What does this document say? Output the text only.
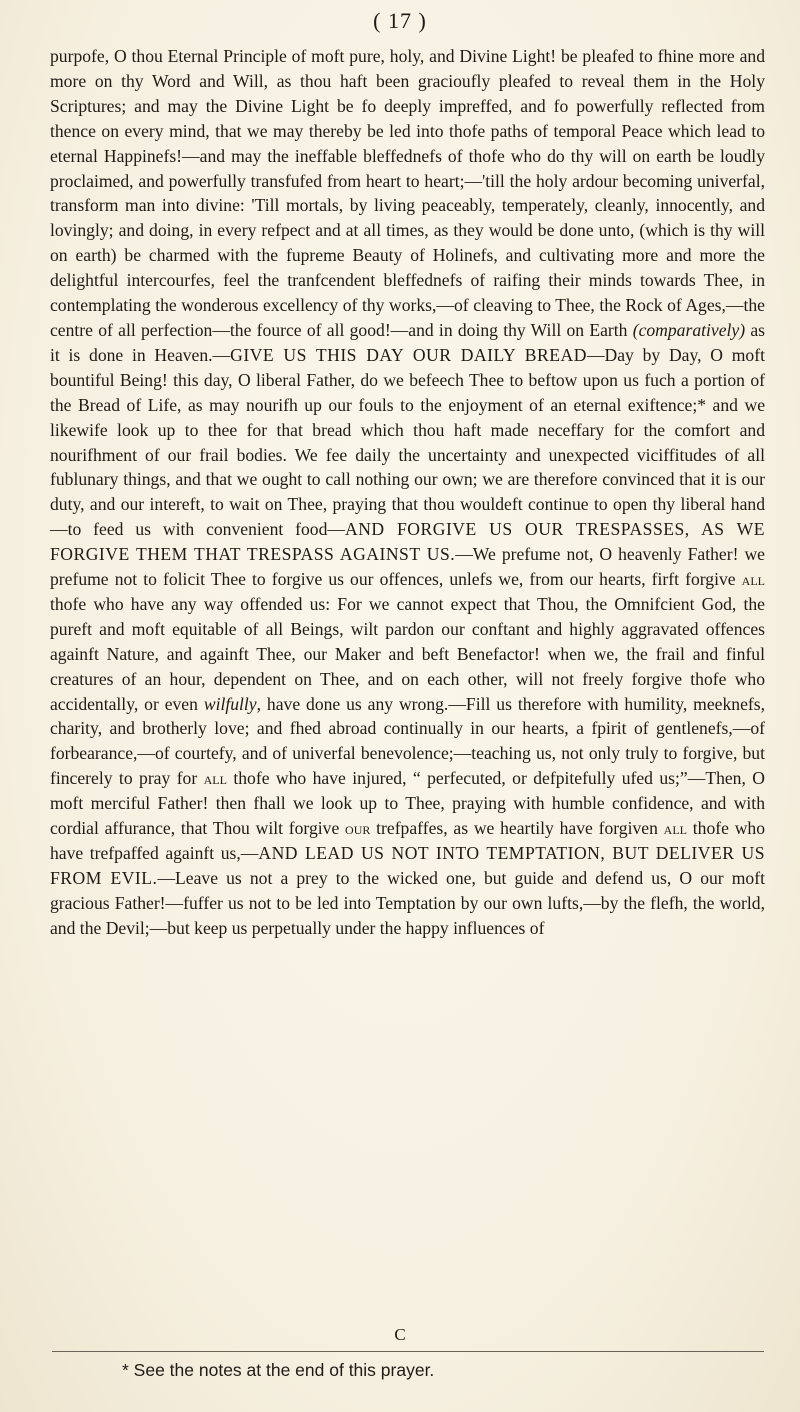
( 17 )

purpofe, O thou Eternal Principle of moft pure, holy, and Divine Light! be pleafed to fhine more and more on thy Word and Will, as thou haft been gracioufly pleafed to reveal them in the Holy Scriptures; and may the Divine Light be fo deeply impreffed, and fo powerfully reflected from thence on every mind, that we may thereby be led into thofe paths of temporal Peace which lead to eternal Happinefs!—and may the ineffable bleffednefs of thofe who do thy will on earth be loudly proclaimed, and powerfully transfufed from heart to heart;—'till the holy ardour becoming univerfal, transform man into divine: 'Till mortals, by living peaceably, temperately, cleanly, innocently, and lovingly; and doing, in every refpect and at all times, as they would be done unto, (which is thy will on earth) be charmed with the fupreme Beauty of Holinefs, and cultivating more and more the delightful intercourfes, feel the tranfcendent bleffednefs of raifing their minds towards Thee, in contemplating the wonderous excellency of thy works,—of cleaving to Thee, the Rock of Ages,—the centre of all perfection—the fource of all good!—and in doing thy Will on Earth (comparatively) as it is done in Heaven.—GIVE US THIS DAY OUR DAILY BREAD—Day by Day, O moft bountiful Being! this day, O liberal Father, do we befeech Thee to beftow upon us fuch a portion of the Bread of Life, as may nourifh up our fouls to the enjoyment of an eternal exiftence;* and we likewife look up to thee for that bread which thou haft made neceffary for the comfort and nourifhment of our frail bodies. We fee daily the uncertainty and unexpected viciffitudes of all fublunary things, and that we ought to call nothing our own; we are therefore convinced that it is our duty, and our intereft, to wait on Thee, praying that thou wouldeft continue to open thy liberal hand—to feed us with convenient food—AND FORGIVE US OUR TRESPASSES, AS WE FORGIVE THEM THAT TRESPASS AGAINST US.—We prefume not, O heavenly Father! we prefume not to folicit Thee to forgive us our offences, unlefs we, from our hearts, firft forgive all thofe who have any way offended us: For we cannot expect that Thou, the Omnifcient God, the pureft and moft equitable of all Beings, wilt pardon our conftant and highly aggravated offences againft Nature, and againft Thee, our Maker and beft Benefactor! when we, the frail and finful creatures of an hour, dependent on Thee, and on each other, will not freely forgive thofe who accidentally, or even wilfully, have done us any wrong.—Fill us therefore with humility, meeknefs, charity, and brotherly love; and fhed abroad continually in our hearts, a fpirit of gentlenefs,—of forbearance,—of courtefy, and of univerfal benevolence;—teaching us, not only truly to forgive, but fincerely to pray for all thofe who have injured, “ perfecuted, or defpitefully ufed us;”—Then, O moft merciful Father! then fhall we look up to Thee, praying with humble confidence, and with cordial affurance, that Thou wilt forgive our trefpaffes, as we heartily have forgiven all thofe who have trefpaffed againft us,—AND LEAD US NOT INTO TEMPTATION, BUT DELIVER US FROM EVIL.—Leave us not a prey to the wicked one, but guide and defend us, O our moft gracious Father!—fuffer us not to be led into Temptation by our own lufts,—by the flefh, the world, and the Devil;—but keep us perpetually under the happy influences of

C
* See the notes at the end of this prayer.
